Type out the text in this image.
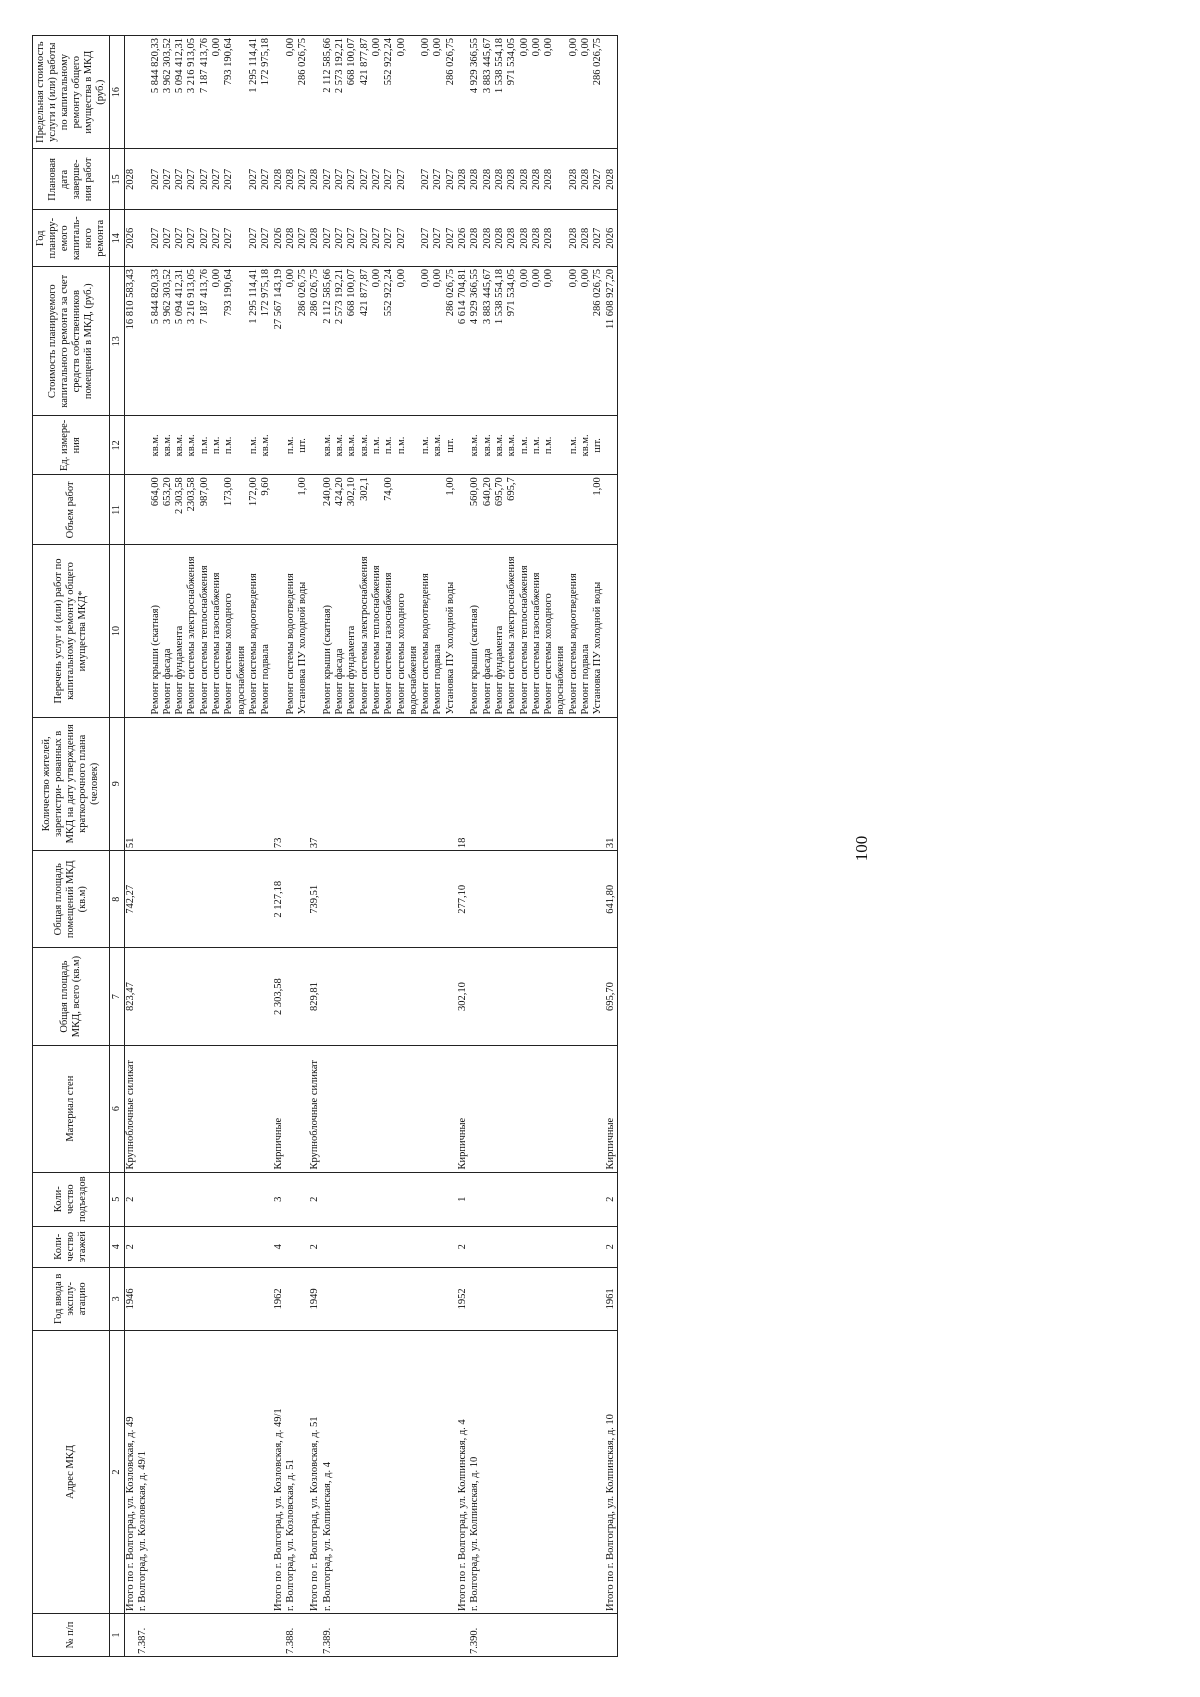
100
№ п/п	Адрес МКД	Год ввода в эксплу- атацию	Коли- чество этажей	Коли- чество подъездов	Материал стен	Общая площадь МКД, всего (кв.м)	Общая площадь помещений МКД (кв.м)	Количество жителей, зарегистри- рованных в МКД на дату утверждения краткосрочного плана (человек)	Перечень услуг и (или) работ по капитальному ремонту общего имущества МКД*	Объем работ	Ед. измере- ния	Стоимость планируемого капитального ремонта за счет средств собственников помещений в МКД, (руб.)	Год планиру- емого капиталь- ного ремонта	Плановая дата заверше- ния работ	Предельная стоимость услуги и (или) работы по капитальному ремонту общего имущества в МКД (руб.)
1	2	3	4	5	6	7	8	9	10	11	12	13	14	15	16
	Итого по г. Волгоград, ул. Козловская, д. 49	1946	2	2	Крупноблочные силикат	823,47	742,27	51				16 810 583,43	2026	2028	
7.387.	г. Волгоград, ул. Козловская, д. 49/1														
									Ремонт крыши (скатная)	664,00	кв.м.	5 844 820,33	2027	2027	5 844 820,33
									Ремонт фасада	653,20	кв.м.	3 962 303,52	2027	2027	3 962 303,52
									Ремонт фундамента	2 303,58	кв.м.	5 094 412,31	2027	2027	5 094 412,31
									Ремонт системы электроснабжения	2303,58	кв.м.	3 216 913,05	2027	2027	3 216 913,05
									Ремонт системы теплоснабжения	987,00	п.м.	7 187 413,76	2027	2027	7 187 413,76
									Ремонт системы газоснабжения		п.м.	0,00	2027	2027	0,00
									Ремонт системы холодного водоснабжения	173,00	п.м.	793 190,64	2027	2027	793 190,64
									Ремонт системы водоотведения	172,00	п.м.	1 295 114,41	2027	2027	1 295 114,41
									Ремонт подвала	9,60	кв.м.	172 975,18	2027	2027	172 975,18
	Итого по г. Волгоград, ул. Козловская, д. 49/1	1962	4	3	Кирпичные	2 303,58	2 127,18	73				27 567 143,19	2026	2028	
7.388.	г. Волгоград, ул. Козловская, д. 51								Ремонт системы водоотведения		п.м.	0,00	2028	2028	0,00
									Установка ПУ холодной воды	1,00	шт.	286 026,75	2027	2027	286 026,75
	Итого по г. Волгоград, ул. Козловская, д. 51	1949	2	2	Крупноблочные силикат	829,81	739,51	37				286 026,75	2028	2028	
7.389.	г. Волгоград, ул. Колпинская, д. 4								Ремонт крыши (скатная)	240,00	кв.м.	2 112 585,66	2027	2027	2 112 585,66
									Ремонт фасада	424,20	кв.м.	2 573 192,21	2027	2027	2 573 192,21
									Ремонт фундамента	302,10	кв.м.	668 100,07	2027	2027	668 100,07
									Ремонт системы электроснабжения	302,1	кв.м.	421 877,87	2027	2027	421 877,87
									Ремонт системы теплоснабжения		п.м.	0,00	2027	2027	0,00
									Ремонт системы газоснабжения	74,00	п.м.	552 922,24	2027	2027	552 922,24
									Ремонт системы холодного водоснабжения		п.м.	0,00	2027	2027	0,00
									Ремонт системы водоотведения		п.м.	0,00	2027	2027	0,00
									Ремонт подвала		кв.м.	0,00	2027	2027	0,00
									Установка ПУ холодной воды	1,00	шт.	286 026,75	2027	2027	286 026,75
	Итого по г. Волгоград, ул. Колпинская, д. 4	1952	2	1	Кирпичные	302,10	277,10	18				6 614 704,81	2026	2028	
7.390.	г. Волгоград, ул. Колпинская, д. 10								Ремонт крыши (скатная)	560,00	кв.м.	4 929 366,55	2028	2028	4 929 366,55
									Ремонт фасада	640,20	кв.м.	3 883 445,67	2028	2028	3 883 445,67
									Ремонт фундамента	695,70	кв.м.	1 538 554,18	2028	2028	1 538 554,18
									Ремонт системы электроснабжения	695,7	кв.м.	971 534,05	2028	2028	971 534,05
									Ремонт системы теплоснабжения		п.м.	0,00	2028	2028	0,00
									Ремонт системы газоснабжения		п.м.	0,00	2028	2028	0,00
									Ремонт системы холодного водоснабжения		п.м.	0,00	2028	2028	0,00
									Ремонт системы водоотведения		п.м.	0,00	2028	2028	0,00
									Ремонт подвала		кв.м.	0,00	2028	2028	0,00
									Установка ПУ холодной воды	1,00	шт.	286 026,75	2027	2027	286 026,75
	Итого по г. Волгоград, ул. Колпинская, д. 10	1961	2	2	Кирпичные	695,70	641,80	31				11 608 927,20	2026	2028	
